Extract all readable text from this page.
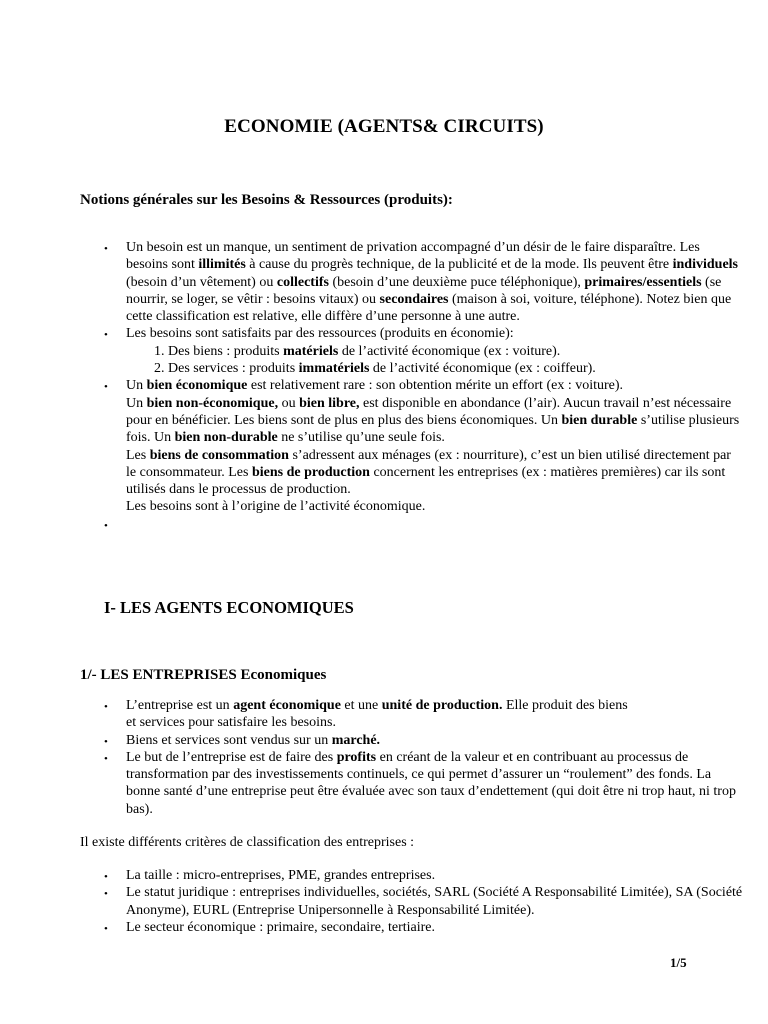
ECONOMIE (AGENTS& CIRCUITS)
Notions générales sur les Besoins & Ressources (produits):
• Un besoin est un manque, un sentiment de privation accompagné d’un désir de le faire disparaître. Les besoins sont illimités à cause du progrès technique, de la publicité et de la mode. Ils peuvent être individuels (besoin d’un vêtement) ou collectifs (besoin d’une deuxième puce téléphonique), primaires/essentiels (se nourrir, se loger, se vêtir : besoins vitaux) ou secondaires (maison à soi, voiture, téléphone). Notez bien que cette classification est relative, elle diffère d’une personne à une autre.
• Les besoins sont satisfaits par des ressources (produits en économie):
1. Des biens : produits matériels de l’activité économique (ex : voiture).
2. Des services : produits immatériels de l’activité économique (ex : coiffeur).
• Un bien économique est relativement rare : son obtention mérite un effort (ex : voiture).
Un bien non-économique, ou bien libre, est disponible en abondance (l’air). Aucun travail n’est nécessaire pour en bénéficier. Les biens sont de plus en plus des biens économiques. Un bien durable s’utilise plusieurs fois. Un bien non-durable ne s’utilise qu’une seule fois.
Les biens de consommation s’adressent aux ménages (ex : nourriture), c’est un bien utilisé directement par le consommateur. Les biens de production concernent les entreprises (ex : matières premières) car ils sont utilisés dans le processus de production.
Les besoins sont à l’origine de l’activité économique.
•

I- LES AGENTS ECONOMIQUES
1/- LES ENTREPRISES Economiques
• L’entreprise est un agent économique et une unité de production. Elle produit des biens
et services pour satisfaire les besoins.
• Biens et services sont vendus sur un marché.
• Le but de l’entreprise est de faire des profits en créant de la valeur et en contribuant au processus de transformation par des investissements continuels, ce qui permet d’assurer un “roulement” des fonds. La bonne santé d’une entreprise peut être évaluée avec son taux d’endettement (qui doit être ni trop haut, ni trop bas).
Il existe différents critères de classification des entreprises :
• La taille : micro-entreprises, PME, grandes entreprises.
• Le statut juridique : entreprises individuelles, sociétés, SARL (Société A Responsabilité Limitée), SA (Société Anonyme), EURL (Entreprise Unipersonnelle à Responsabilité Limitée).
• Le secteur économique : primaire, secondaire, tertiaire.
1/5
